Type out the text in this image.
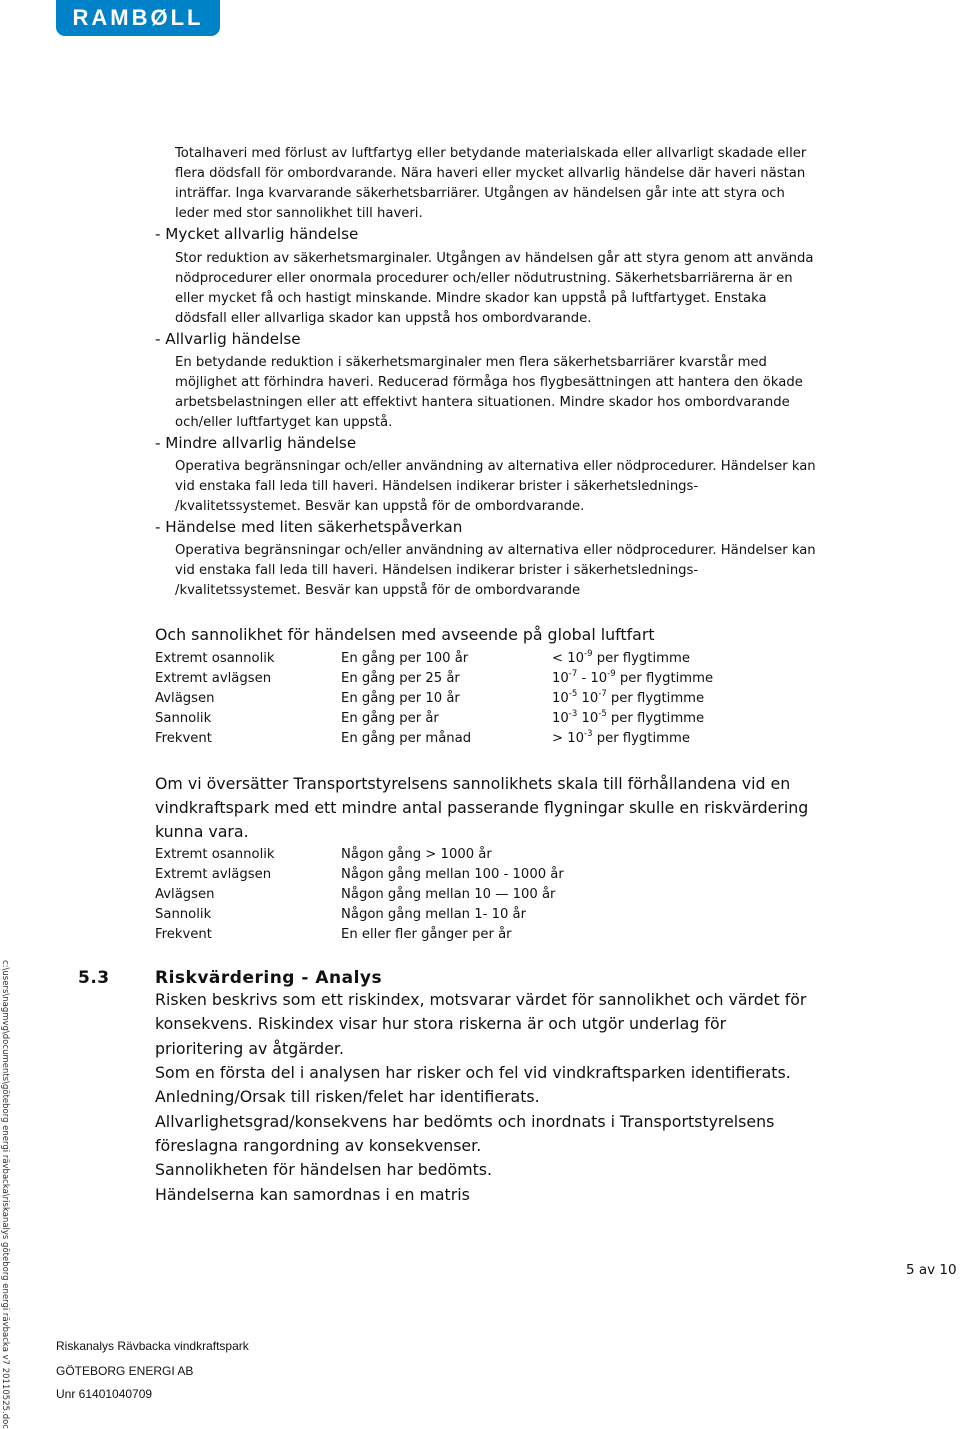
RAMBØLL
Totalhaveri med förlust av luftfartyg eller betydande materialskada eller allvarligt skadade eller
flera dödsfall för ombordvarande. Nära haveri eller mycket allvarlig händelse där haveri nästan
inträffar. Inga kvarvarande säkerhetsbarriärer. Utgången av händelsen går inte att styra och
leder med stor sannolikhet till haveri.
- Mycket allvarlig händelse
Stor reduktion av säkerhetsmarginaler. Utgången av händelsen går att styra genom att använda
nödprocedurer eller onormala procedurer och/eller nödutrustning. Säkerhetsbarriärerna är en
eller mycket få och hastigt minskande. Mindre skador kan uppstå på luftfartyget. Enstaka
dödsfall eller allvarliga skador kan uppstå hos ombordvarande.
- Allvarlig händelse
En betydande reduktion i säkerhetsmarginaler men flera säkerhetsbarriärer kvarstår med
möjlighet att förhindra haveri. Reducerad förmåga hos flygbesättningen att hantera den ökade
arbetsbelastningen eller att effektivt hantera situationen. Mindre skador hos ombordvarande
och/eller luftfartyget kan uppstå.
- Mindre allvarlig händelse
Operativa begränsningar och/eller användning av alternativa eller nödprocedurer. Händelser kan
vid enstaka fall leda till haveri. Händelsen indikerar brister i säkerhetslednings-
/kvalitetssystemet. Besvär kan uppstå för de ombordvarande.
- Händelse med liten säkerhetspåverkan
Operativa begränsningar och/eller användning av alternativa eller nödprocedurer. Händelser kan
vid enstaka fall leda till haveri. Händelsen indikerar brister i säkerhetslednings-
/kvalitetssystemet. Besvär kan uppstå för de ombordvarande
Och sannolikhet för händelsen med avseende på global luftfart
Extremt osannolik	En gång per 100 år	< $10^{-9}$ per flygtimme
Extremt avlägsen	En gång per 25 år	$10^{-7} - 10^{-9}$ per flygtimme
Avlägsen	En gång per 10 år	$10^{-5}$ $10^{-7}$ per flygtimme
Sannolik	En gång per år	$10^{-3}$ $10^{-5}$ per flygtimme
Frekvent	En gång per månad	> $10^{-3}$ per flygtimme
Om vi översätter Transportstyrelsens sannolikhets skala till förhållandena vid en
vindkraftspark med ett mindre antal passerande flygningar skulle en riskvärdering
kunna vara.
Extremt osannolik	Någon gång > 1000 år
Extremt avlägsen	Någon gång mellan 100 - 1000 år
Avlägsen	Någon gång mellan 10 — 100 år
Sannolik	Någon gång mellan 1- 10 år
Frekvent	En eller fler gånger per år
5.3	Riskvärdering - Analys
Risken beskrivs som ett riskindex, motsvarar värdet för sannolikhet och värdet för
konsekvens. Riskindex visar hur stora riskerna är och utgör underlag för
prioritering av åtgärder.
Som en första del i analysen har risker och fel vid vindkraftsparken identifierats.
Anledning/Orsak till risken/felet har identifierats.
Allvarlighetsgrad/konsekvens har bedömts och inordnats i Transportstyrelsens
föreslagna rangordning av konsekvenser.
Sannolikheten för händelsen har bedömts.
Händelserna kan samordnas i en matris
5 av 10
Riskanalys Rävbacka vindkraftspark
GÖTEBORG ENERGI AB
Unr 61401040709
c:\users\nagmvg\documents\göteborg energi rävbacka\riskanalys göteborg energi rävbacka v7 20110525.doc
